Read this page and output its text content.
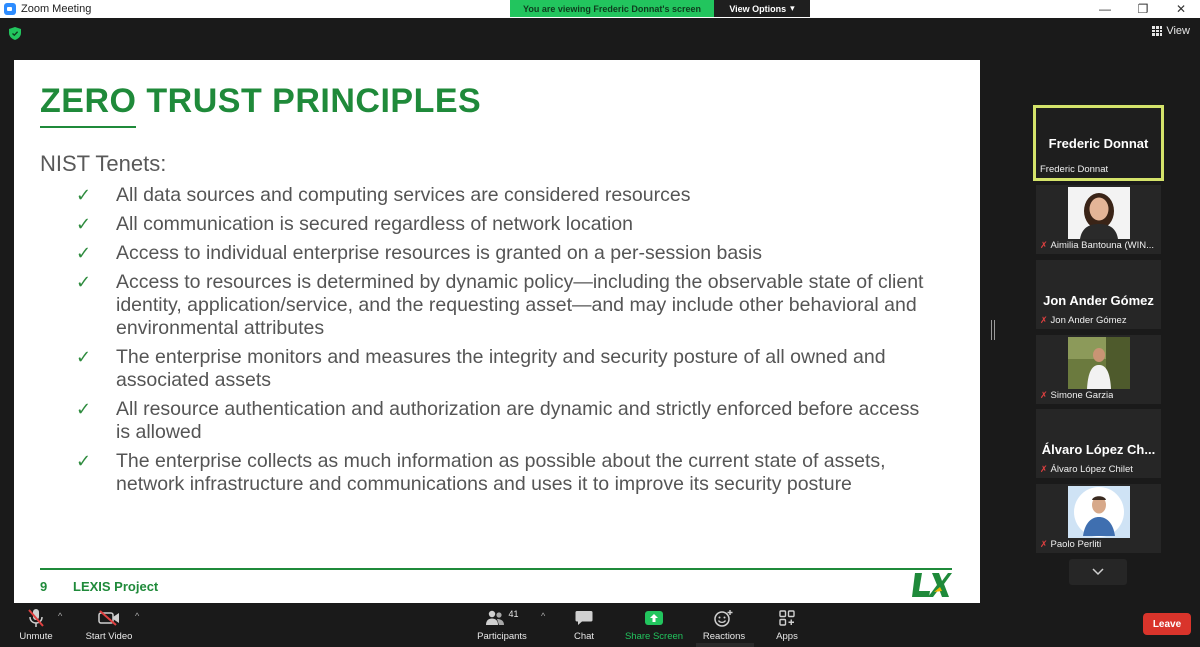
Zoom Meeting	You are viewing Frederic Donnat's screen	View Options ▾	—	❐	✕
View
ZERO TRUST PRINCIPLES
NIST Tenets:
✓	All data sources and computing services are considered resources
✓	All communication is secured regardless of network location
✓	Access to individual enterprise resources is granted on a per-session basis
✓	Access to resources is determined by dynamic policy—including the observable state of client identity, application/service, and the requesting asset—and may include other behavioral and environmental attributes
✓	The enterprise monitors and measures the integrity and security posture of all owned and associated assets
✓	All resource authentication and authorization are dynamic and strictly enforced before access is allowed
✓	The enterprise collects as much information as possible about the current state of assets, network infrastructure and communications and uses it to improve its security posture
9 LEXIS Project
Frederic Donnat
Frederic Donnat
✗ Aimilia Bantouna (WIN...
Jon Ander Gómez
✗ Jon Ander Gómez
✗ Simone Garzia
Álvaro López Ch...
✗ Álvaro López Chilet
✗ Paolo Perliti
Unmute
^
Start Video
^	41
Participants
^
Chat	Share Screen	Reactions	Apps
Leave
